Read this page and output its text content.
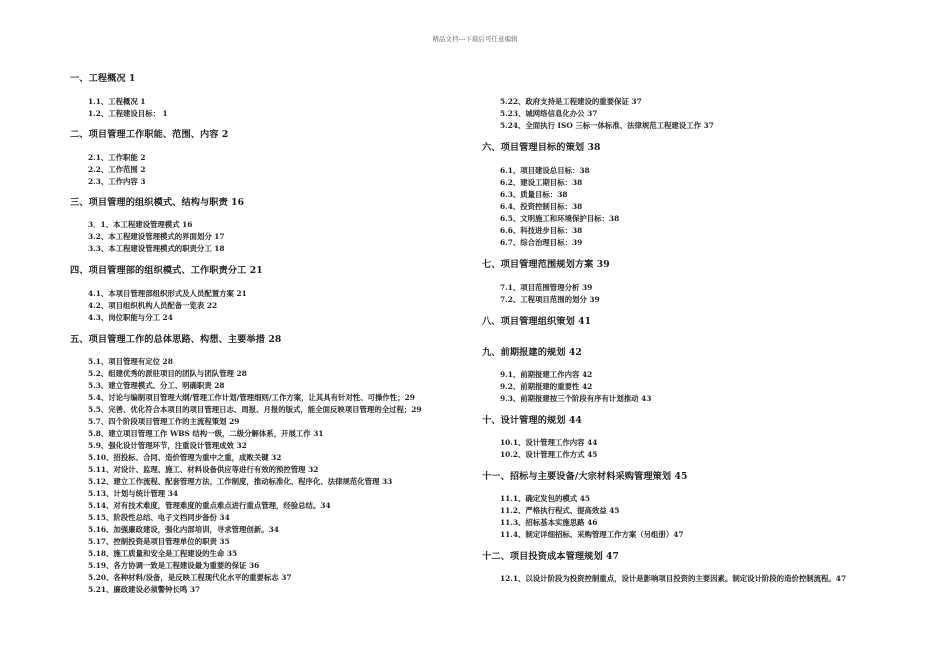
精品文档---下载后可任意编辑
一、工程概况 1
1.1、工程概况 1
1.2、工程建设目标： 1
二、项目管理工作职能、范围、内容 2
2.1、工作职能 2
2.2、工作范围 2
2.3、工作内容 3
三、项目管理的组织模式、结构与职责 16
3．1、本工程建设管理模式 16
3.2、本工程建设管理模式的界面划分 17
3.3、本工程建设管理模式的职责分工 18
四、项目管理部的组织模式、工作职责分工 21
4.1、本项目管理部组织形式及人员配置方案 21
4.2、项目组织机构人员配备一览表 22
4.3、岗位职能与分工 24
五、项目管理工作的总体思路、构想、主要举措 28
5.1、项目管理有定位 28
5.2、组建优秀的派驻项目的团队与团队管理 28
5.3、建立管理模式、分工、明确职责 28
5.4、讨论与编制项目管理大纲/管理工作计划/管理细则/工作方案，让其具有针对性、可操作性；29
5.5、完善、优化符合本项目的项目管理日志、周报、月报的版式，能全面反映项目管理的全过程；29
5.7、四个阶段项目管理工作的主流程策划 29
5.8、建立项目管理工作 WBS 结构一级，二级分解体系，开展工作 31
5.9、强化设计管理环节，注重设计管理成效 32
5.10、招投标、合同、造价管理为重中之重，成败关键 32
5.11、对设计、监理、施工、材料设备供应等进行有效的预控管理 32
5.12、建立工作流程、配套管理方法、工作制度，推动标准化、程序化、法律规范化管理 33
5.13、计划与统计管理 34
5.14、对有技术难度，管理难度的重点难点进行重点管理，经验总结。34
5.15、阶段性总结、电子文档同步备份 34
5.16、加强廉政建设，强化内部培训，寻求管理创新。34
5.17、控制投资是项目管理单位的职责 35
5.18、施工质量和安全是工程建设的生命 35
5.19、各方协调一致是工程建设最为重要的保证 36
5.20、各种材料/设备，是反映工程现代化水平的重要标志 37
5.21、廉政建设必须警钟长鸣 37
5.22、政府支持是工程建设的重要保证 37
5.23、城网络信息化办公 37
5.24、全面执行 ISO 三标一体标准、法律规范工程建设工作 37
六、项目管理目标的策划 38
6.1、项目建设总目标：38
6.2、建设工期目标：38
6.3、质量目标：38
6.4、投资控制目标：38
6.5、文明施工和环境保护目标：38
6.6、科技进步目标：38
6.7、综合治理目标：39
七、项目管理范围规划方案 39
7.1、项目范围管理分析 39
7.2、工程项目范围的划分 39
八、项目管理组织策划 41
九、前期报建的规划 42
9.1、前期报建工作内容 42
9.2、前期报建的重要性 42
9.3、前期报建按三个阶段有序有计划推动 43
十、设计管理的规划 44
10.1、设计管理工作内容 44
10.2、设计管理工作方式 45
十一、招标与主要设备/大宗材料采购管理策划 45
11.1、确定发包的模式 45
11.2、严格执行程式、提高效益 45
11.3、招标基本实施思路 46
11.4、制定详细招标、采购管理工作方案（另组册）47
十二、项目投资成本管理规划 47
12.1、以设计阶段为投资控制重点，设计是影响项目投资的主要因素。制定设计阶段的造价控制流程。47
